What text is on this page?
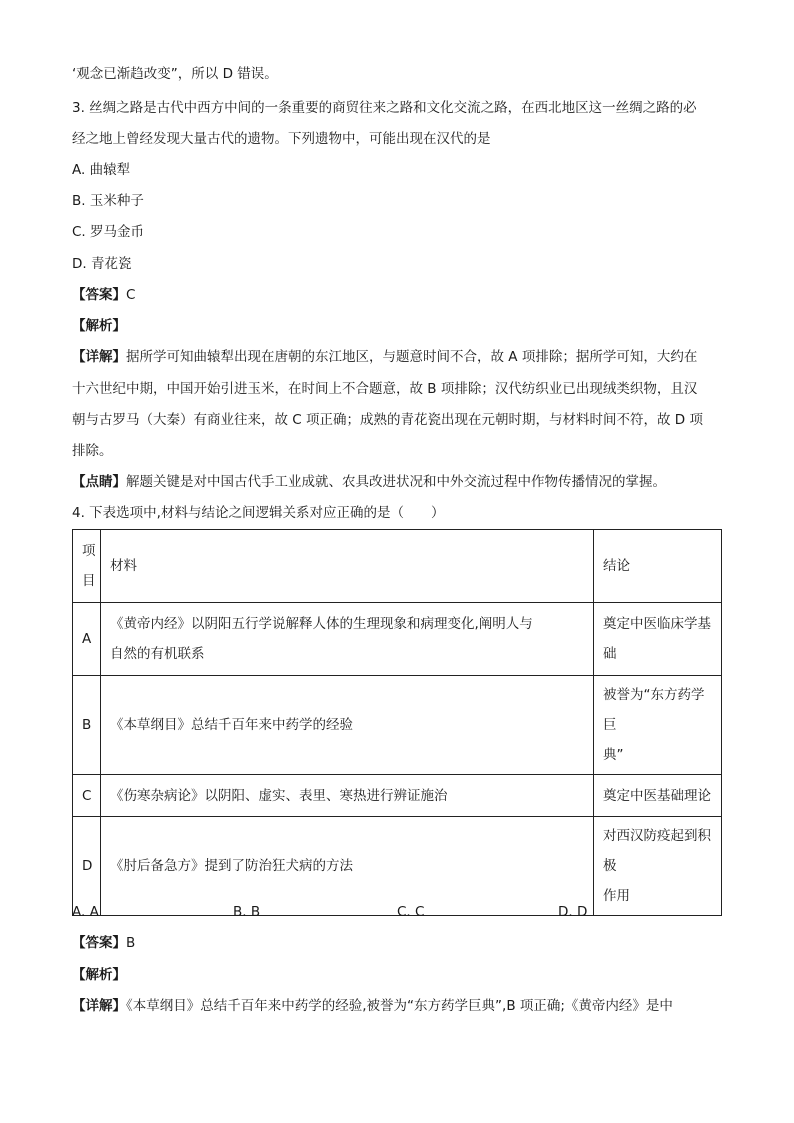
‘观念已渐趋改变”，所以 D 错误。
3. 丝绸之路是古代中西方中间的一条重要的商贸往来之路和文化交流之路，在西北地区这一丝绸之路的必
经之地上曾经发现大量古代的遗物。下列遗物中，可能出现在汉代的是
A. 曲辕犁
B. 玉米种子
C. 罗马金币
D. 青花瓷
【答案】C
【解析】
【详解】据所学可知曲辕犁出现在唐朝的东江地区，与题意时间不合，故 A 项排除；据所学可知，大约在
十六世纪中期，中国开始引进玉米，在时间上不合题意，故 B 项排除；汉代纺织业已出现绒类织物，且汉
朝与古罗马（大秦）有商业往来，故 C 项正确；成熟的青花瓷出现在元朝时期，与材料时间不符，故 D 项
排除。
【点睛】解题关键是对中国古代手工业成就、农具改进状况和中外交流过程中作物传播情况的掌握。
4. 下表选项中,材料与结论之间逻辑关系对应正确的是（　　）
项
目	材料	结论
A	《黄帝内经》以阴阳五行学说解释人体的生理现象和病理变化,阐明人与
自然的有机联系	奠定中医临床学基础
B	《本草纲目》总结千百年来中药学的经验	被誉为“东方药学巨
典”
C	《伤寒杂病论》以阴阳、虚实、表里、寒热进行辨证施治	奠定中医基础理论
D	《肘后备急方》提到了防治狂犬病的方法	对西汉防疫起到积极
作用
A. A	B. B	C. C	D. D
【答案】B
【解析】
【详解】《本草纲目》总结千百年来中药学的经验,被誉为“东方药学巨典”,B 项正确;《黄帝内经》是中
